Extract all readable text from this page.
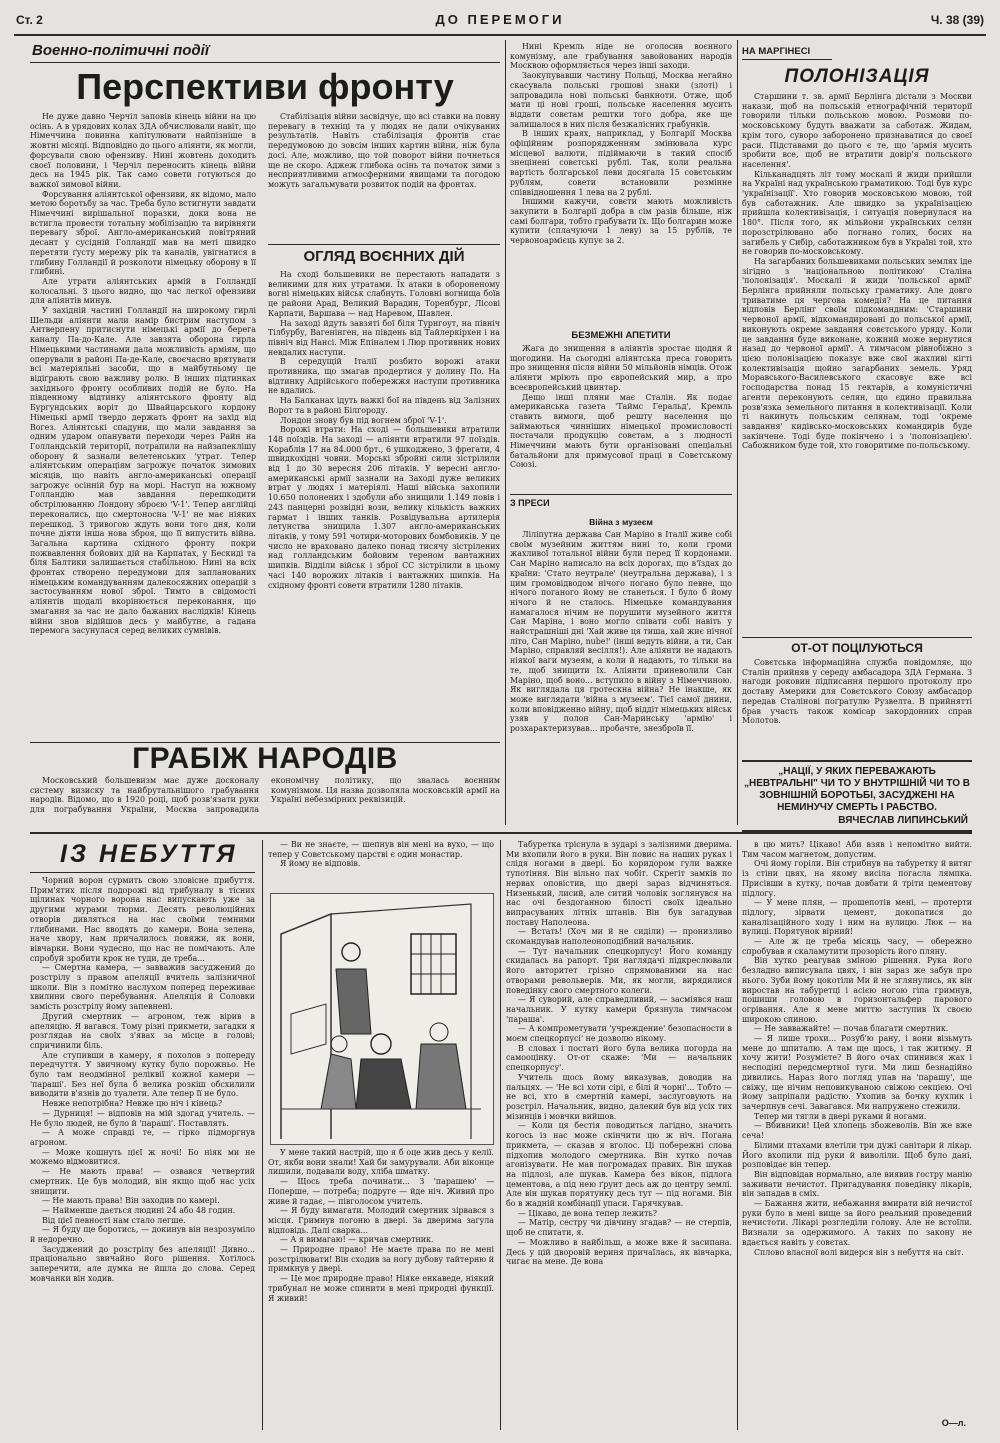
Ст. 2	ДО ПЕРЕМОГИ	Ч. 38 (39)
Военно-політичні події
Перспективи фронту

Не дуже давно Черчіл заповів кінець війни на цю осінь. А в урядових колах ЗДА обчислювали навіт, що Німеччина повинна капітулювати найпізніше в жовтні місяці. Відповідно до цього аліянти, як могли, форсували свою офензиву. Нині жовтень доходить своєї половини, і Черчіл переносить кінець війни десь на 1945 рік. Так само совети готуються до важкої зимової війни.

Форсування аліянтської офензиви, як відомо, мало метою боротьбу за час. Треба було встигнути завдати Німеччині вирішальної поразки, доки вона не встигла провести тотальну мобілізацію та вирівняти перевагу зброї. Англо-американський повітряний десант у сусідній Голландії мав на меті швидко перетяти ґусту мережу рік та каналів, увігнатися в глибину Голландії й розколоти німецьку оборону в її глибині.

Але утрати аліянтських армій в Голландії колосальні. З цього видно, що час легкої офензиви для аліянтів минув.

У західній частині Голландії на широкому гирлі Шельди аліянти мали намір бистрим наступом з Антверпену притиснути німецькі армії до берега каналу Па-до-Кале. Але завзята оборона гирла Німецькими частинами дала можливість арміям, що оперували в районі Па-де-Кале, своєчасно врятувати всі матеріяльні засоби, що в майбутньому це відіграють свою важливу ролю. В інших підтинках західнього фронту особливих подій не було. На південному відтинку аліянтського фронту від Бургундських воріт до Швайцарського кордону Німецькі армії твердо держать фронт на захід від Вогез. Аліянтські спадуни, що мали завдання за одним ударом опанувати переходи через Райн на Голландській території, потрапили на найзапеклішу оборону й зазнали велетенських 'утрат. Тепер аліянтським операціям загрожує початок зимових місяців, що навіть англо-американські операції загрожує осінній бур на морі. Наступ на южному Голландію мав завдання перешкодити обстрілюванню Лондону зброєю 'V-1'. Тепер англійці переконались, що смертоносна 'V-1' не має ніяких перешкод. З тривогою ждуть вони того дня, коли почне діяти інша нова зброя, що її випустить війна. Загальна картина східного фронту покри пожвавлення бойових дій на Карпатах, у Бескиді та біля Балтики залишається стабільною. Нині на всіх фронтах створено передумови для запланованих німецьким командуванням далекосяжних операцій з застосуванням нової зброї. Тимто в свідомості аліянтів щодалі вкорінюється переконання, що змагання за час не дало бажаних наслідків! Кінець війни знов відійшов десь у майбутнє, а гадана перемога засунулася серед великих сумнівів.

Стабілізація війни засвідчує, що всі ставки на повну перевагу в техніці та у людях не дали очікуваних результатів. Навіть стабілізація фронтів стає передумовою до зовсім інших картин війни, ніж була досі. Але, можливо, що той поворот війни почнеться ще не скоро. Аджеж глибока осінь та початок зими з несприятливими атмосферними явищами та погодою можуть загальмувати розвиток подій на фронтах.

ОГЛЯД ВОЄННИХ ДІЙ

На сході большевики не перестають нападати з великими для них утратами. Їх атаки в обороненому вогні німецьких військ слабнуть. Головні вогнища боїв це райони Арад, Великий Варадин, Торенбург, Лісові Карпати, Варшава — над Наревом, Шавлен.

На заході йдуть завзяті бої біля Турнгоут, на північ Тілбурбу, Вагенінген, на південь від Тайлеркірхен і на північ від Нансі. Між Епіналем і Люр противник нових невдалих наступи.

В середущій Італії розбито ворожі атаки противника, що змагав продертися у долину По. На відтинку Адрійського побережжя наступи противника не вдались.

На Балканах ідуть важкі бої на південь від Залізних Ворот та в районі Білгороду.

Лондон знову був під вогнем зброї 'V-1'.

Ворожі втрати: На сході — большевики втратили 148 поїздів. На заході — аліянти втратили 97 поїздів. Кораблів 17 на 84.000 брт., 6 ушкоджено, 3 фрегати, 4 швидкохідні човни. Морські збройні сили зістрілили від 1 до 30 вересня 206 літаків. У вересні англо-американські армії зазнали на Заході дуже великих втрат у людях і матеріялі. Наші війська захопили 10.650 полонених і здобули або знищили 1.149 повів і 243 панцерні розвідні вози, велику кількість важких гармат і інших танків. Розвідувальна артилерія летунства знищила 1.307 англо-американських літаків, у тому 591 чотири-моторових бомбовиків. У це число не враховано далеко понад тисячу зістрілених над голландським бойовим тереном вантажних шипків. Відділи військ і зброї СС зістрілили в цьому часі 140 ворожих літаків і вантажних шипків. На східному фронті совети втратили 1280 літаків.

ГРАБІЖ НАРОДІВ

Московський большевизм має дуже досконалу систему визиску та найбрутальнішого грабування народів. Відомо, що в 1920 році, щоб розв'язати руки для пограбування України, Москва запровадила економічну політику, що звалась воєнним комунізмом. Ця назва дозволяла московській армії на Україні небезмірних реквізицій.

Нині Кремль ніде не оголосив воєнного комунізму, але грабування завойованих народів Москвою оформляється через інші заходи.

Заокупувавши частину Польщі, Москва негайно скасувала польські грошові знаки (злоті) і запровадила нові польські банкноти. Отже, щоб мати ці нові гроші, польське населення мусить віддати совєтам рештки того добра, яке ще залишалося в них після безжалісних грабунків.

В інших краях, наприклад, у Болгарії Москва офіційним розпорядженням змінювала курс місцевої валюти, підіймаючи в такий спосіб знецінені совєтські рублі. Так, коли реальна вартість болгарської леви досягала 15 совєтським рублям, совети встановили розмінне співвідношення 1 лева на 2 рублі.

Іншими кажучи, совєти мають можливість закупити в Болгарії добра в сім разів більше, ніж самі болгари, тобто грабувати їх. Що болгарин може купити (сплачуючи 1 леву) за 15 рублів, те червоноармієць купує за 2.

БЕЗМЕЖНІ АПЕТИТИ

Жага до знищення в аліянтів зростає щодня й щогодини. На сьогодні аліянтська преса говорить про знищення після війни 50 мільйонів німців. Отож аліянти мріють про європейський мир, а про всеєвропейський цвинтар.

Дещо інші пляни має Сталін. Як подає американська газета 'Таймс Геральд', Кремль ставить вимоги, щоб решту населення що займаються чинніших німецької промисловості постачали продукцію совєтам, а з людності Німеччини мають бути організовані спеціальні батальйони для примусової праці в Совєтському Союзі.

З ПРЕСИ
Війна з музеєм

Ліліпутна держава Сан Маріно в Італії живе собі своїм музейним життям нині то, коли громи жахливої тотальної війни були перед її кордонами. Сан Маріно написало на всіх дорогах, що в'їздах до країни: 'Стато неутрале' (неутральна держава), і з цим громовідводом нічого погано було певне, що нічого поганого йому не станеться. І було б йому нічого й не сталось. Німецьке командування намагалося нічим не порушити музейного життя Сан Маріна, і воно могло співати собі навіть у найстрашніші дні 'Хай живе ця тиша, хай жиє нічної літо, Сан Маріно, nube!' (інші ведуть війни, а ти, Сан Маріно, справляй весілля!). Але аліянти не надають ніякої ваги музеям, а коли й надають, то тільки на те, щоб знищити їх. Аліянти приневолили Сан Маріно, щоб воно... вступило в війну з Німеччиною. Як виглядала ця гротескна війна? Не інакше, як може виглядати 'війна з музеєм'. Тієї самої днини, коли вповідженно війну, щоб віддіт німецьких військ узяв у полон Сан-Маринську 'армію' і розхарактеризував... пробачте, знезброїв її.

НА МАРГІНЕСІ
ПОЛОНІЗАЦІЯ

Старшини т. зв. армії Берлінґа дістали з Москви накази, щоб на польській етнографічній території говорили тільки польською мовою. Розмови по-московському будуть вважати за саботаж. Жидам, крім того, суворо заборонено признаватися до своєї раси. Підставами до цього є те, що 'армія мусить зробити все, щоб не втратити довір'я польського населення'.

Кільканадцять літ тому москалі й жиди прийшли на Україні над українською граматикою. Тоді був курс 'українізації'. Хто говорив московською мовою, той був саботажник. Але швидко за українізацією прийшла колективізація, і ситуація повернулася на 180°. Після того, як мільйони українських селян порозстрілювано або погнано голих, босих на загибель у Сибір, саботажником був в Україні той, хто не говорив по-московському.

На загарбаних большевиками польських землях іде зігідно з 'національною політикою' Сталіна 'полонізація'. Москалі й жиди 'польської армії' Берлінга прийняли польську граматику. Але довго триватиме ця чергова комедія? На це питання відповів Берлінг своїм підкомандним: 'Старшини червоної армії, відкомандировані до польської армії, виконують окреме завдання совєтського уряду. Коли це завдання буде виконане, кожний може вернутися назад до червоної армії'. А тимчасом рівнобіжно з цією полонізацією показує вже свої жахливі кігті колективізація щойно загарбаних земель. Уряд Моравського-Василевського скасовує вже всі господарства понад 15 гектарів, а комуністичні агенти переконують селян, що єдино правильна розв'язка земельного питання в колективізації. Коли ті накинуть польським селянам, тоді 'окреме завдання' кидівсько-московських командирів буде закінчене. Тоді буде покінчено і з 'полонізацією'. Сабожником буде той, хто говоритиме по-польському.

ОТ-ОТ ПОЦІЛУЮТЬСЯ

Совєтська інформаційна служба повідомляє, що Сталін прийняв у середу амбасадора ЗДА Германа. З нагоди роковин підписання першого протоколу про доставу Америки для Совєтського Союзу амбасадор передав Сталінові поґратулю Рузвелта. В прийнятті брав участь також комісар закордонних справ Молотов.

„НАЦІЇ, У ЯКИХ ПЕРЕВАЖАЮТЬ „НЕВТРАЛЬНІ" ЧИ ТО У ВНУТРІШНІЙ ЧИ ТО В ЗОВНІШНІЙ БОРОТЬБІ, ЗАСУДЖЕНІ НА НЕМИНУЧУ СМЕРТЬ І РАБСТВО.
ВЯЧЕСЛАВ ЛИПИНСЬКИЙ
ІЗ НЕБУТТЯ

Чорний ворон сурмить свою зловісне прибуття. Прим'ятих після подорожі від трибуналу в тісних щілинах чорного ворона нас випускають уже за другими мурами тюрми. Десять революційних отворів дивляться на нас своїми темними глибинами. Нас вводять до камери. Вона зелена, наче хвору, нам причалилось повяжи, як вони, вівчарки. Вони чудесно, що нас не помічають. Але спробуй зробити крок не туди, де треба...

— Смертна камера, — завважив засуджений до розстрілу з правом апеляції вчитель залізничної школи. Він з помітно наслухом поперед переживає хвилини свого перебування. Апеляція й Соловки замість розстрілу йому запевнені.

Другий смертник — агроном, теж вірив в апеляцію. Я вагався. Тому різні прикмети, загадки я розглядав на своїх з'явах за місце в голові; спричинили біль.

Але ступивши в камеру, я похолов з попереду передчуття. У звичному кутку було порожньо. Не було там неодмінної реліквії кожної камери — 'параші'. Без неї була б велика розкіш обсхилили виводити в'язнів до туалети. Але тепер її не було.

Невже непотрібна? Невже цю ніч і кінець?

— Дурниця! — відповів на мій здогад учитель. — Не було людей, не було й 'параші'. Поставлять.

— А може справді те, — гірко підморгнув агроном.

— Може кошнуть цієї ж ночі! Бо ніяк ми не можемо відмовитися.

— Не мають права! — озвався четвертий смертник. Це був молодий, він якщо щоб нас усіх знищити.

— Не мають права! Він заходив по камері.

— Найменше дається людині 24 або 48 годин.

Від цієї певності нам стало легше.

— Я буду ще боротись, — докинув він незрозуміло й недоречно.

Засуджений до розстрілу без апеляції! Дивно... праціонально звичайно його рішення. Хотілось заперечити, але думка не йшла до слова. Серед мовчанки він ходив.

— Ви не знаєте, — шепнув він мені на вухо, — що тепер у Совєтському царстві є один монастир.

Я йому не відповів.

У мене такий настрій, що я б оце жив десь у келії. От, якби вони знали! Хай би замурували. Аби віконце лишили, подавали воду, хліба шматку.

— Щось треба починати... З 'парашею' — Поперше, — потреба; подруге — йде ніч. Живий про живе й гадає, — півголосом учитель.

— Я буду вимагати. Молодий смертник зірвався з місця. Гримнув погоню в двері. За дверима загула відповідь. Далі сварка...

— А я вимагаю! — кричав смертник.

— Природне право! Не маєте права по не мені розстрілювати! Він сходив за ногу дубову тайтерню й примкнув у двері.

— Це моє природне право! Ніяке енкаведе, ніякий трибунал не може спинити в мені природні функції. Я живий!

Табуретка тріснула в зударі з залізними дверима. Ми вхопили його в руки. Він повис на наших руках і слідя ногами в двері. Бо коридором гули важке тупотіння. Він вільно пах чобіт. Скрегіт замків по нервах оповістив, що двері зараз відчиняться. Низенький, лисий, але ситий чоловік зоглянувся на нас очі бездоганною білості своїх ідеально випрасуваних літніх штанів. Він був загадував поставу Наполеона.

— Встать! (Хоч ми й не сиділи) — пронизливо скомандував наполеоноподібний начальник.

— Тут начальник спецкорпусу! Його команду скидалась на рапорт. Три наглядачі підкреслювали його авторитет грізно спрямованими на нас отворами револьверів. Ми, як могли, вирядилися поведінку свого смертного колеги.

— Я суворий, але справедливий, — засміявся наш начальник. У кутку камери брязнула тимчасом 'параша'.

— А компрометувати 'учреждение' безопасности в моєм спецкорпусі' не дозволю нікому.

В словах і постаті його була велика погорда на самооцінку. От-от скаже: 'Ми — начальник спецкорпусу'.

Учитель щось йому виказував, доводив на пальцях. — 'Не всі хоти сірі, є білі й чорні'... Тобто — не всі, хто в смертній камері, заслуговують на розстріл. Начальник, видно, далекий був від усіх тих мізинців і мовчки вийшов.

— Коли ця бестія поводиться лагідно, значить когось із нас може скінчити цю ж ніч. Погана прикмета, — сказав я вголос. Ці побережні слова підхопив молодого смертника. Він хутко почав агонізувати. Не мав погромадах правих. Він шукав на підлозі, але шукав. Камера без вікон, підлога цементова, а під нею ґрунт десь аж до центру землі. Але він шукав порятунку десь тут — під ногами. Він бо в жадній комбінації упаси. Гарячкував.

— Цікаво, де вона тепер лежить?

— Матір, сестру чи дівчину згадав? — не стерпів, щоб не спитати, я.

— Можливо в найбільш, а може вже й засипана. Десь у цій дворовій вериня причаїлась, як вівчарка, чигає на мене. Де вона

в цю мить? Цікаво! Аби взяв і непомітно вийти. Тим часом магнетом, допустим.

Очі йому горіли. Він стрибнув на табуретку й витяг із стіни цвях, на якому висіла погасла лямпка. Присівши в кутку, почав довбати й тріти цементову підлогу.

— У мене плян, — прошепотів мені, — протерти підлогу, зірвати цемент, докопатися до каналізаційного ходу і ним на вулицю. Люк — на вулиці. Порятунок вірний!

— Але ж це треба місяць часу, — обережно спробував я скаламутити прозорість його пляну.

Він хутко реагував зміною рішення. Рука його безладно виписувала цвях, і він зараз же забув про нього. Зуби йому цокотіли Ми й не зглянулись, як він виростав на табуретці і асією ногою гіпа гримнув, пошиши головою в горизонтальфер парового огрівання. Але я мене миттю заступив їх своєю широкою спиною.

— Не завважайте! — почав благати смертник.

— Я лише трохи... Розуб'ю рану, і вони візьмуть мене до шпиталю. А там ще щось, і так житиму. Я хочу жити! Розумієте? В його очах спинився жах і несподіні передсмертної туги. Ми лиш безнадійно дивились. Нараз його погляд упав на 'парашу', ще свіжу, ще нічим неповикуваною свіжою секцією. Очі йому запріпали радістю. Ухопив за бочку кухлик і зачерпнув сечі. Завагався. Ми напружено стежили.

Тепер ми тягли в двері руками й ногами.

— Вбивники! Цей хлопець збожеволів. Він же вже сеча!

Білими птахами влетіли три дужі санітари й лікар. Його вхопили під руки й виволіли. Щоб було дані, розповідає він тепер.

Він відповідав нормально, але виявив гостру манію заживати нечистот. Пригадування поведінку лікарів, він западав в сміх.

— Бажання жити, небажання вмирати вій нечистої руки було в мені вище за його реальний проведений нечистоти. Лікарі розгледіли голову. Але не встоїли. Визнали за одержимого. А таких по закону не вдається навіть у совєтах.

Сплово власної волі видерся він з небуття на світ.

О—л.
